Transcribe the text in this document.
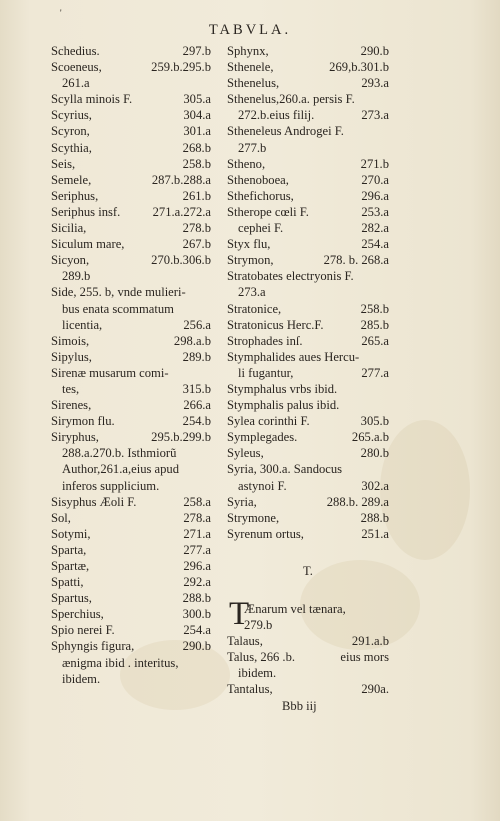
'
TABVLA.
Schedius.	297.b
Scoeneus,	259.b.295.b
261.a
Scylla minois F.	305.a
Scyrius,	304.a
Scyron,	301.a
Scythia,	268.b
Seis,	258.b
Semele,	287.b.288.a
Seriphus,	261.b
Seriphus insf.	271.a.272.a
Sicilia,	278.b
Siculum mare,	267.b
Sicyon,	270.b.306.b
289.b
Side, 255. b, vnde mulieri-
bus enata scommatum
licentia,	256.a
Simois,	298.a.b
Sipylus,	289.b
Sirenæ musarum comi-
tes,	315.b
Sirenes,	266.a
Sirymon flu.	254.b
Siryphus,	295.b.299.b
288.a.270.b. Isthmiorũ
Author,261.a,eius apud
inferos supplicium.
Sisyphus Æoli F.	258.a
Sol,	278.a
Sotymi,	271.a
Sparta,	277.a
Spartæ,	296.a
Spatti,	292.a
Spartus,	288.b
Sperchius,	300.b
Spio nerei F.	254.a
Sphyngis figura,	290.b
ænigma ibid . interitus,
ibidem.
Sphynx,	290.b
Sthenele,	269,b.301.b
Sthenelus,	293.a
Sthenelus,260.a. persis F.
272.b.eius filij.	273.a
Stheneleus Androgei F.
277.b
Stheno,	271.b
Sthenoboea,	270.a
Sthefichorus,	296.a
Stherope cœli F.	253.a
cephei F.	282.a
Styx flu,	254.a
Strymon,	278. b. 268.a
Stratobates electryonis F.
273.a
Stratonice,	258.b
Stratonicus Herc.F.	285.b
Strophades inſ.	265.a
Stymphalides aues Hercu-
li fugantur,	277.a
Stymphalus vrbs ibid.
Stymphalis palus ibid.
Sylea corinthi F.	305.b
Symplegades.	265.a.b
Syleus,	280.b
Syria, 300.a. Sandocus
astynoi F.	302.a
Syria,	288.b. 289.a
Strymone,	288.b
Syrenum ortus,	251.a
T.
T
Ænarum vel tænara,
279.b
Talaus,	291.a.b
Talus, 266 .b.	eius mors
ibidem.
Tantalus,	290a.
Bbb iij
